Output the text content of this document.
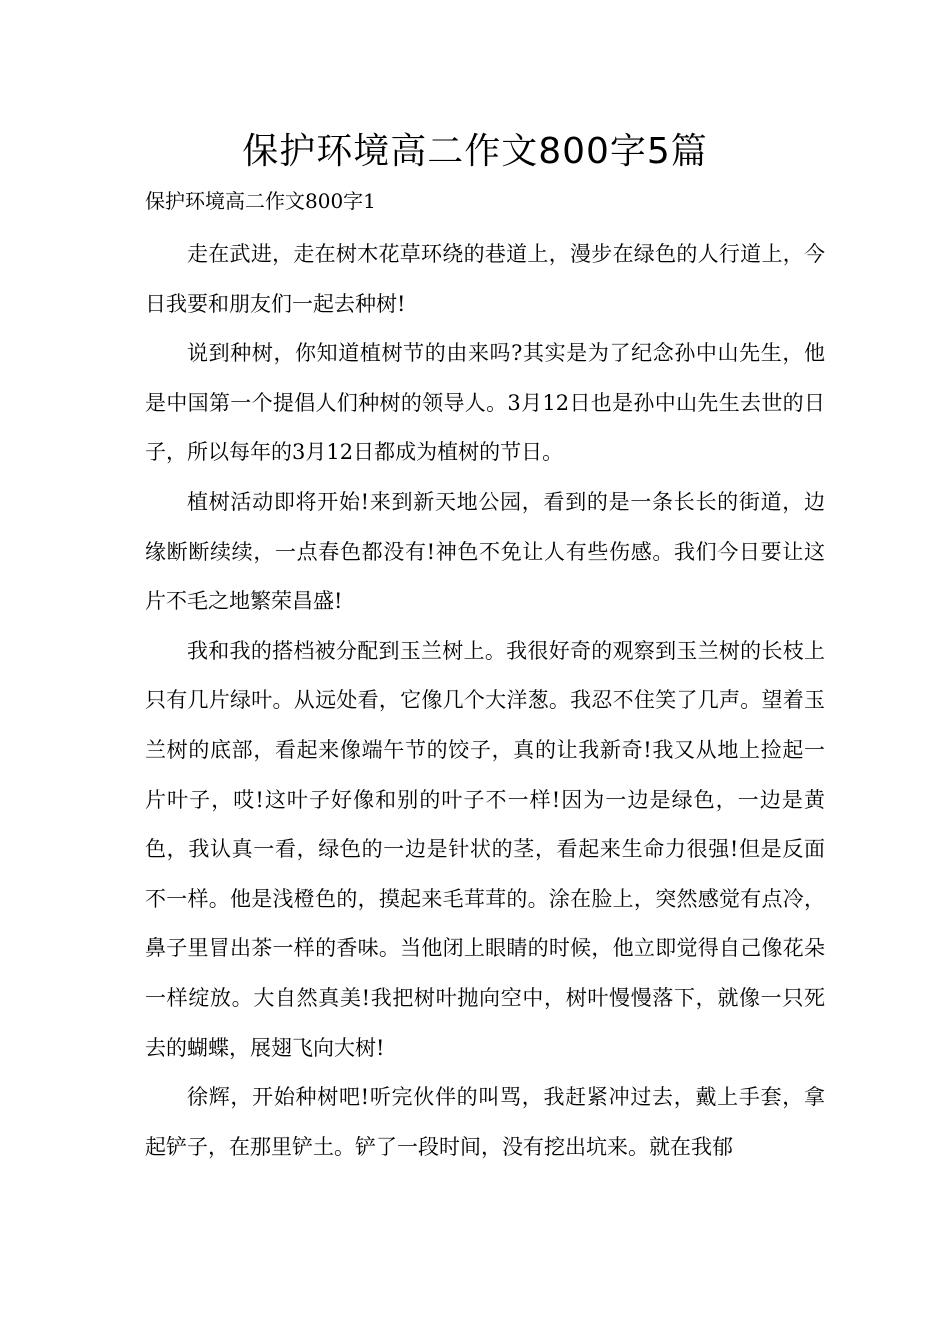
保护环境高二作文800字5篇

保护环境高二作文800字1

走在武进，走在树木花草环绕的巷道上，漫步在绿色的人行道上，今日我要和朋友们一起去种树!

说到种树，你知道植树节的由来吗?其实是为了纪念孙中山先生，他是中国第一个提倡人们种树的领导人。3月12日也是孙中山先生去世的日子，所以每年的3月12日都成为植树的节日。

植树活动即将开始!来到新天地公园，看到的是一条长长的街道，边缘断断续续，一点春色都没有!神色不免让人有些伤感。我们今日要让这片不毛之地繁荣昌盛!

我和我的搭档被分配到玉兰树上。我很好奇的观察到玉兰树的长枝上只有几片绿叶。从远处看，它像几个大洋葱。我忍不住笑了几声。望着玉兰树的底部，看起来像端午节的饺子，真的让我新奇!我又从地上捡起一片叶子，哎!这叶子好像和别的叶子不一样!因为一边是绿色，一边是黄色，我认真一看，绿色的一边是针状的茎，看起来生命力很强!但是反面不一样。他是浅橙色的，摸起来毛茸茸的。涂在脸上，突然感觉有点冷，鼻子里冒出茶一样的香味。当他闭上眼睛的时候，他立即觉得自己像花朵一样绽放。大自然真美!我把树叶抛向空中，树叶慢慢落下，就像一只死去的蝴蝶，展翅飞向大树!

徐辉，开始种树吧!听完伙伴的叫骂，我赶紧冲过去，戴上手套，拿起铲子，在那里铲土。铲了一段时间，没有挖出坑来。就在我郁
